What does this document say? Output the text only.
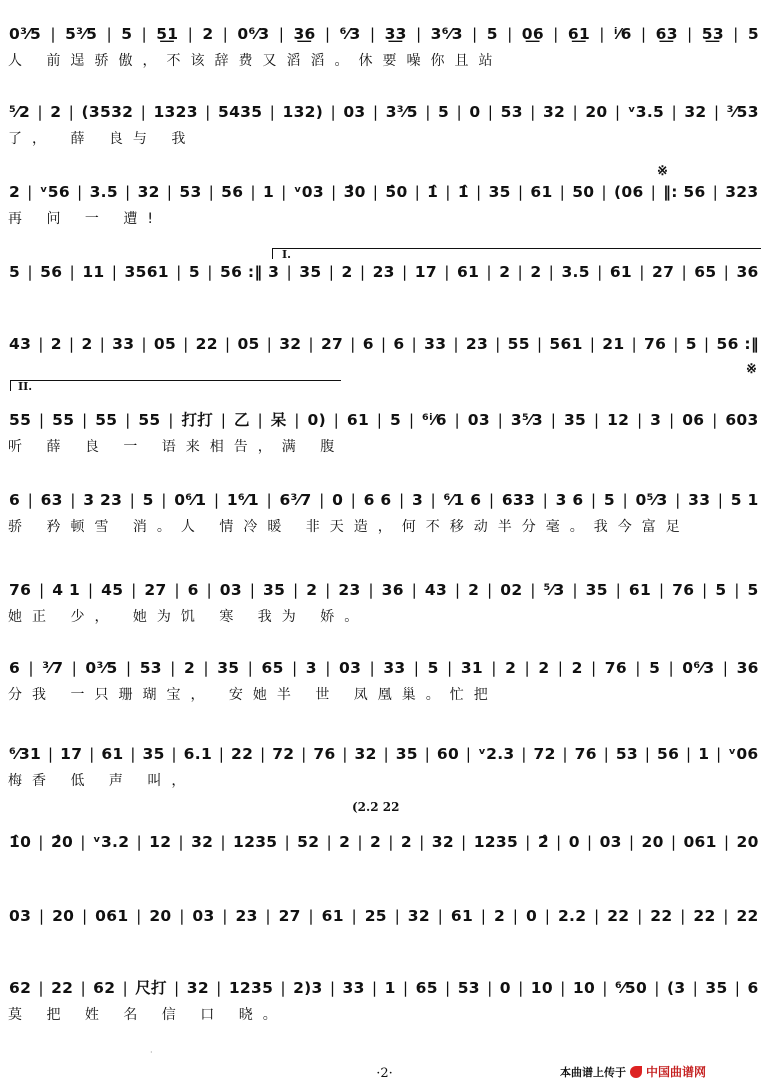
0³⁄5 | 5³⁄5 | 5 | 5͟1 | 2 | 0⁶⁄3 | 3͟6 | ⁶⁄3 | 3͟3 | 3⁶⁄3 | 5 | 0͟6 | 6͟1 | ⁱ⁄6 | 6͟3 | 5͟3 | 5
人 前逞骄傲，不该辞费又滔滔。休要噪你且站
⁵⁄2 | 2 | (3532 | 1323 | 5435 | 132) | 03 | 3³⁄5 | 5 | 0 | 53 | 32 | 20 | ᵛ3.5 | 32 | ³⁄53
了， 薛 良与 我
2 | ᵛ56 | 3.5 | 32 | 53 | 56 | 1 | ᵛ03 | 3̂0 | 5̂0 | 1̂ | 1̂ | 35 | 61 | 50 | (06 | ‖: 56 | 323
再 问 一 遭!
5 | 56 | 11 | 3561 | 5 | 56 :‖ 3 | 35 | 2 | 23 | 17 | 61 | 2 | 2 | 3.5 | 61 | 27 | 65 | 36
43 | 2 | 2 | 33 | 05 | 22 | 05 | 32 | 27 | 6 | 6 | 33 | 23 | 55 | 561 | 21 | 76 | 5 | 56 :‖
55 | 55 | 55 | 55 | 打打 | 乙 | 呆 | 0) | 61 | 5 | ⁶ⁱ⁄6 | 03 | 3⁵⁄3 | 35 | 12 | 3 | 06 | 603
听 薛 良 一 语来相告，满 腹
6 | 63 | 3 23 | 5 | 0⁶⁄1 | 1⁶⁄1 | 6³⁄7 | 0 | 6 6 | 3 | ⁶⁄1 6 | 633 | 3 6 | 5 | 0⁵⁄3 | 33 | 5 1
骄 矜顿雪 消。人 情冷暖 非天造，何不移动半分毫。我今富足
76 | 4 1 | 45 | 27 | 6 | 03 | 35 | 2 | 23 | 36 | 43 | 2 | 02 | ⁵⁄3 | 35 | 61 | 76 | 5 | 5
她正 少， 她为饥 寒 我为 娇。
6 | ³⁄7 | 0³⁄5 | 53 | 2 | 35 | 65 | 3 | 03 | 33 | 5 | 31 | 2 | 2 | 2 | 76 | 5 | 0⁶⁄3 | 36
分我 一只珊瑚宝， 安她半 世 凤凰巢。忙把
⁶⁄31 | 17 | 61 | 35 | 6.1 | 22 | 72 | 76 | 32 | 35 | 60 | ᵛ2.3 | 72 | 76 | 53 | 56 | 1 | ᵛ06
梅香 低 声 叫，
1̂0 | 2̂0 | ᵛ3.2 | 12 | 32 | 1235 | 52 | 2 | 2 | 2 | 32 | 1235 | 2̂ | 0 | 03 | 20 | 061 | 20
03 | 20 | 061 | 20 | 03 | 23 | 27 | 61 | 25 | 32 | 61 | 2 | 0 | 2.2 | 22 | 22 | 22 | 22
62 | 22 | 62 | 尺打 | 32 | 1235 | 2)3 | 33 | 1 | 65 | 53 | 0 | 10 | 10 | ⁶⁄50 | (3 | 35 | 6
莫 把 姓 名 信 口 晓。
I.
II.
※
※
(2.2 22
·
·2·	本曲谱上传于 中国曲谱网
